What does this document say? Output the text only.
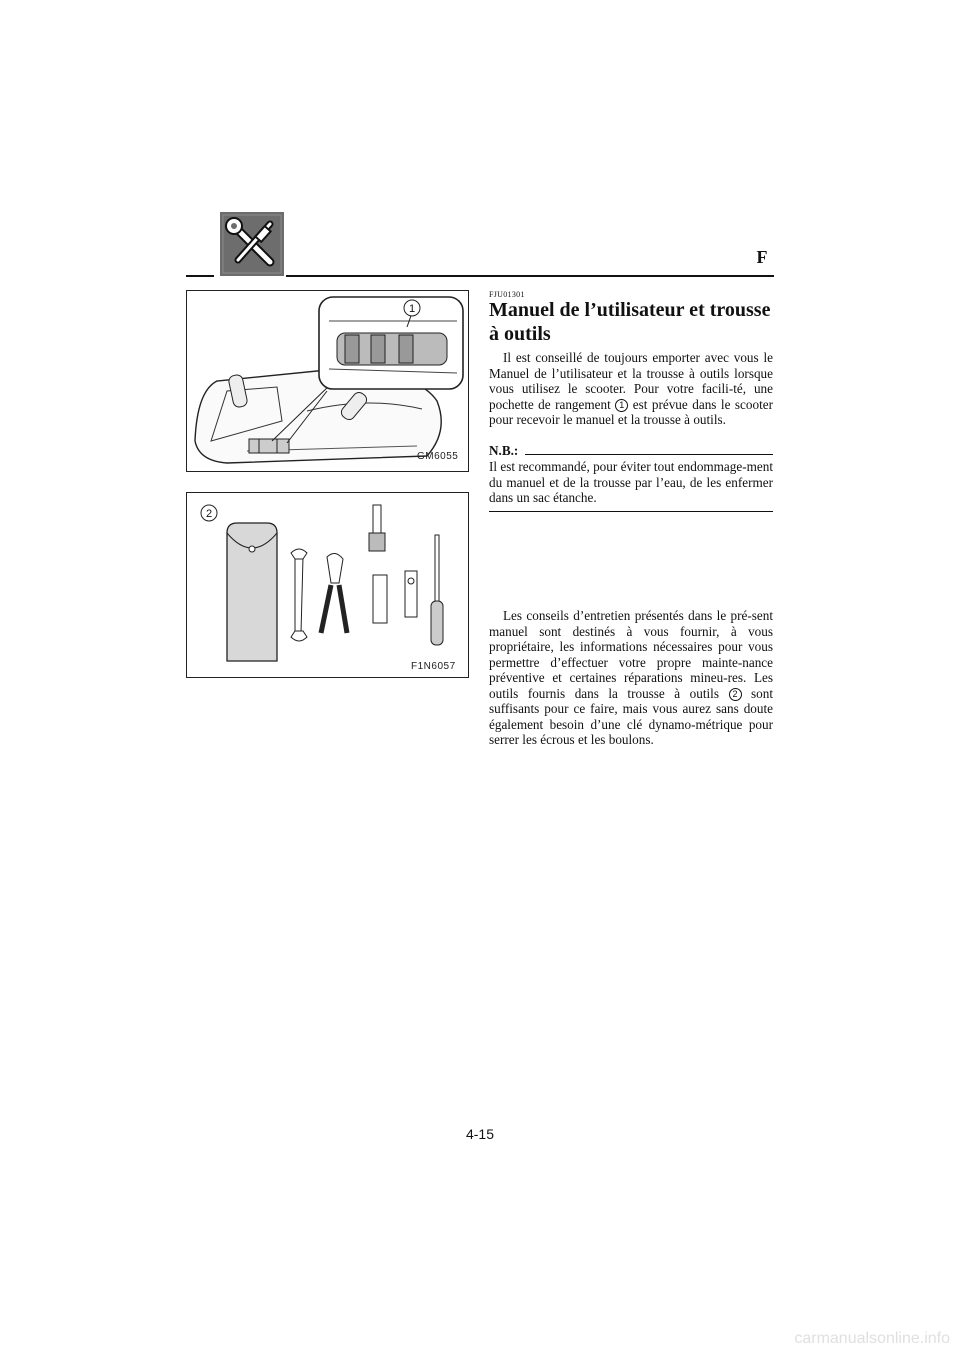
F
1
GM6055
2
F1N6057
FJU01301
Manuel de l’utilisateur et trousse
à outils

Il est conseillé de toujours emporter avec vous le Manuel de l’utilisateur et la trousse à outils lorsque vous utilisez le scooter. Pour votre facili-té, une pochette de rangement 1 est prévue dans le scooter pour recevoir le manuel et la trousse à outils.

N.B.:

Il est recommandé, pour éviter tout endommage-ment du manuel et de la trousse par l’eau, de les enfermer dans un sac étanche.

Les conseils d’entretien présentés dans le pré-sent manuel sont destinés à vous fournir, à vous propriétaire, les informations nécessaires pour vous permettre d’effectuer votre propre mainte-nance préventive et certaines réparations mineu-res. Les outils fournis dans la trousse à outils 2 sont suffisants pour ce faire, mais vous aurez sans doute également besoin d’une clé dynamo-métrique pour serrer les écrous et les boulons.

4-15
carmanualsonline.info
